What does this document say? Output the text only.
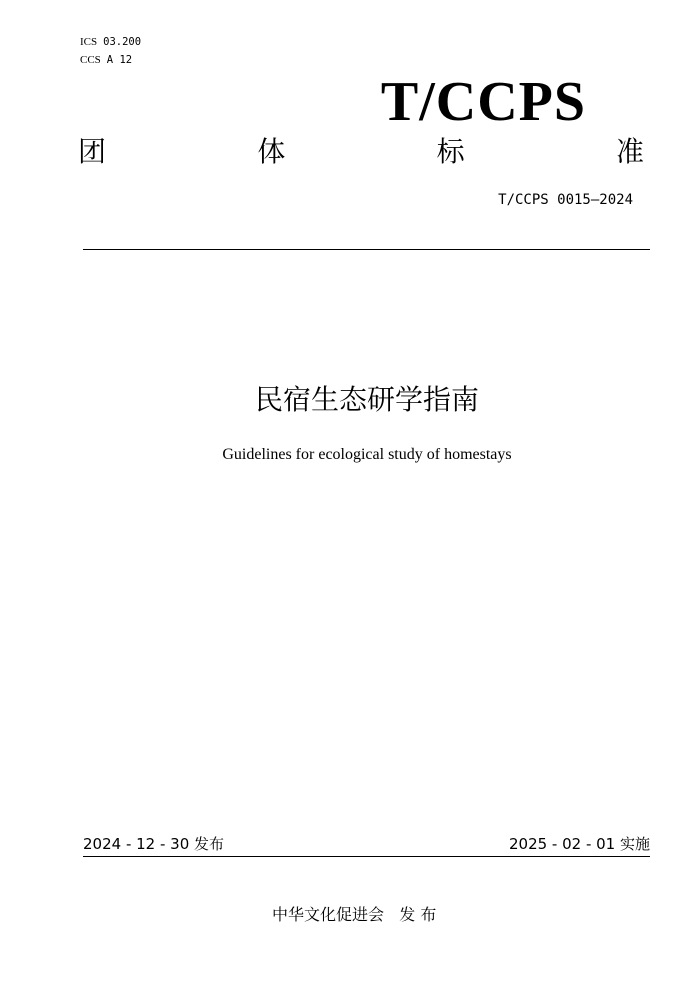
ICS 03.200
CCS A 12
T/CCPS
团	体	标	准
T/CCPS 0015—2024
民宿生态研学指南
Guidelines for ecological study of homestays
2024 - 12 - 30 发布	2025 - 02 - 01 实施
中华文化促进会   发 布
